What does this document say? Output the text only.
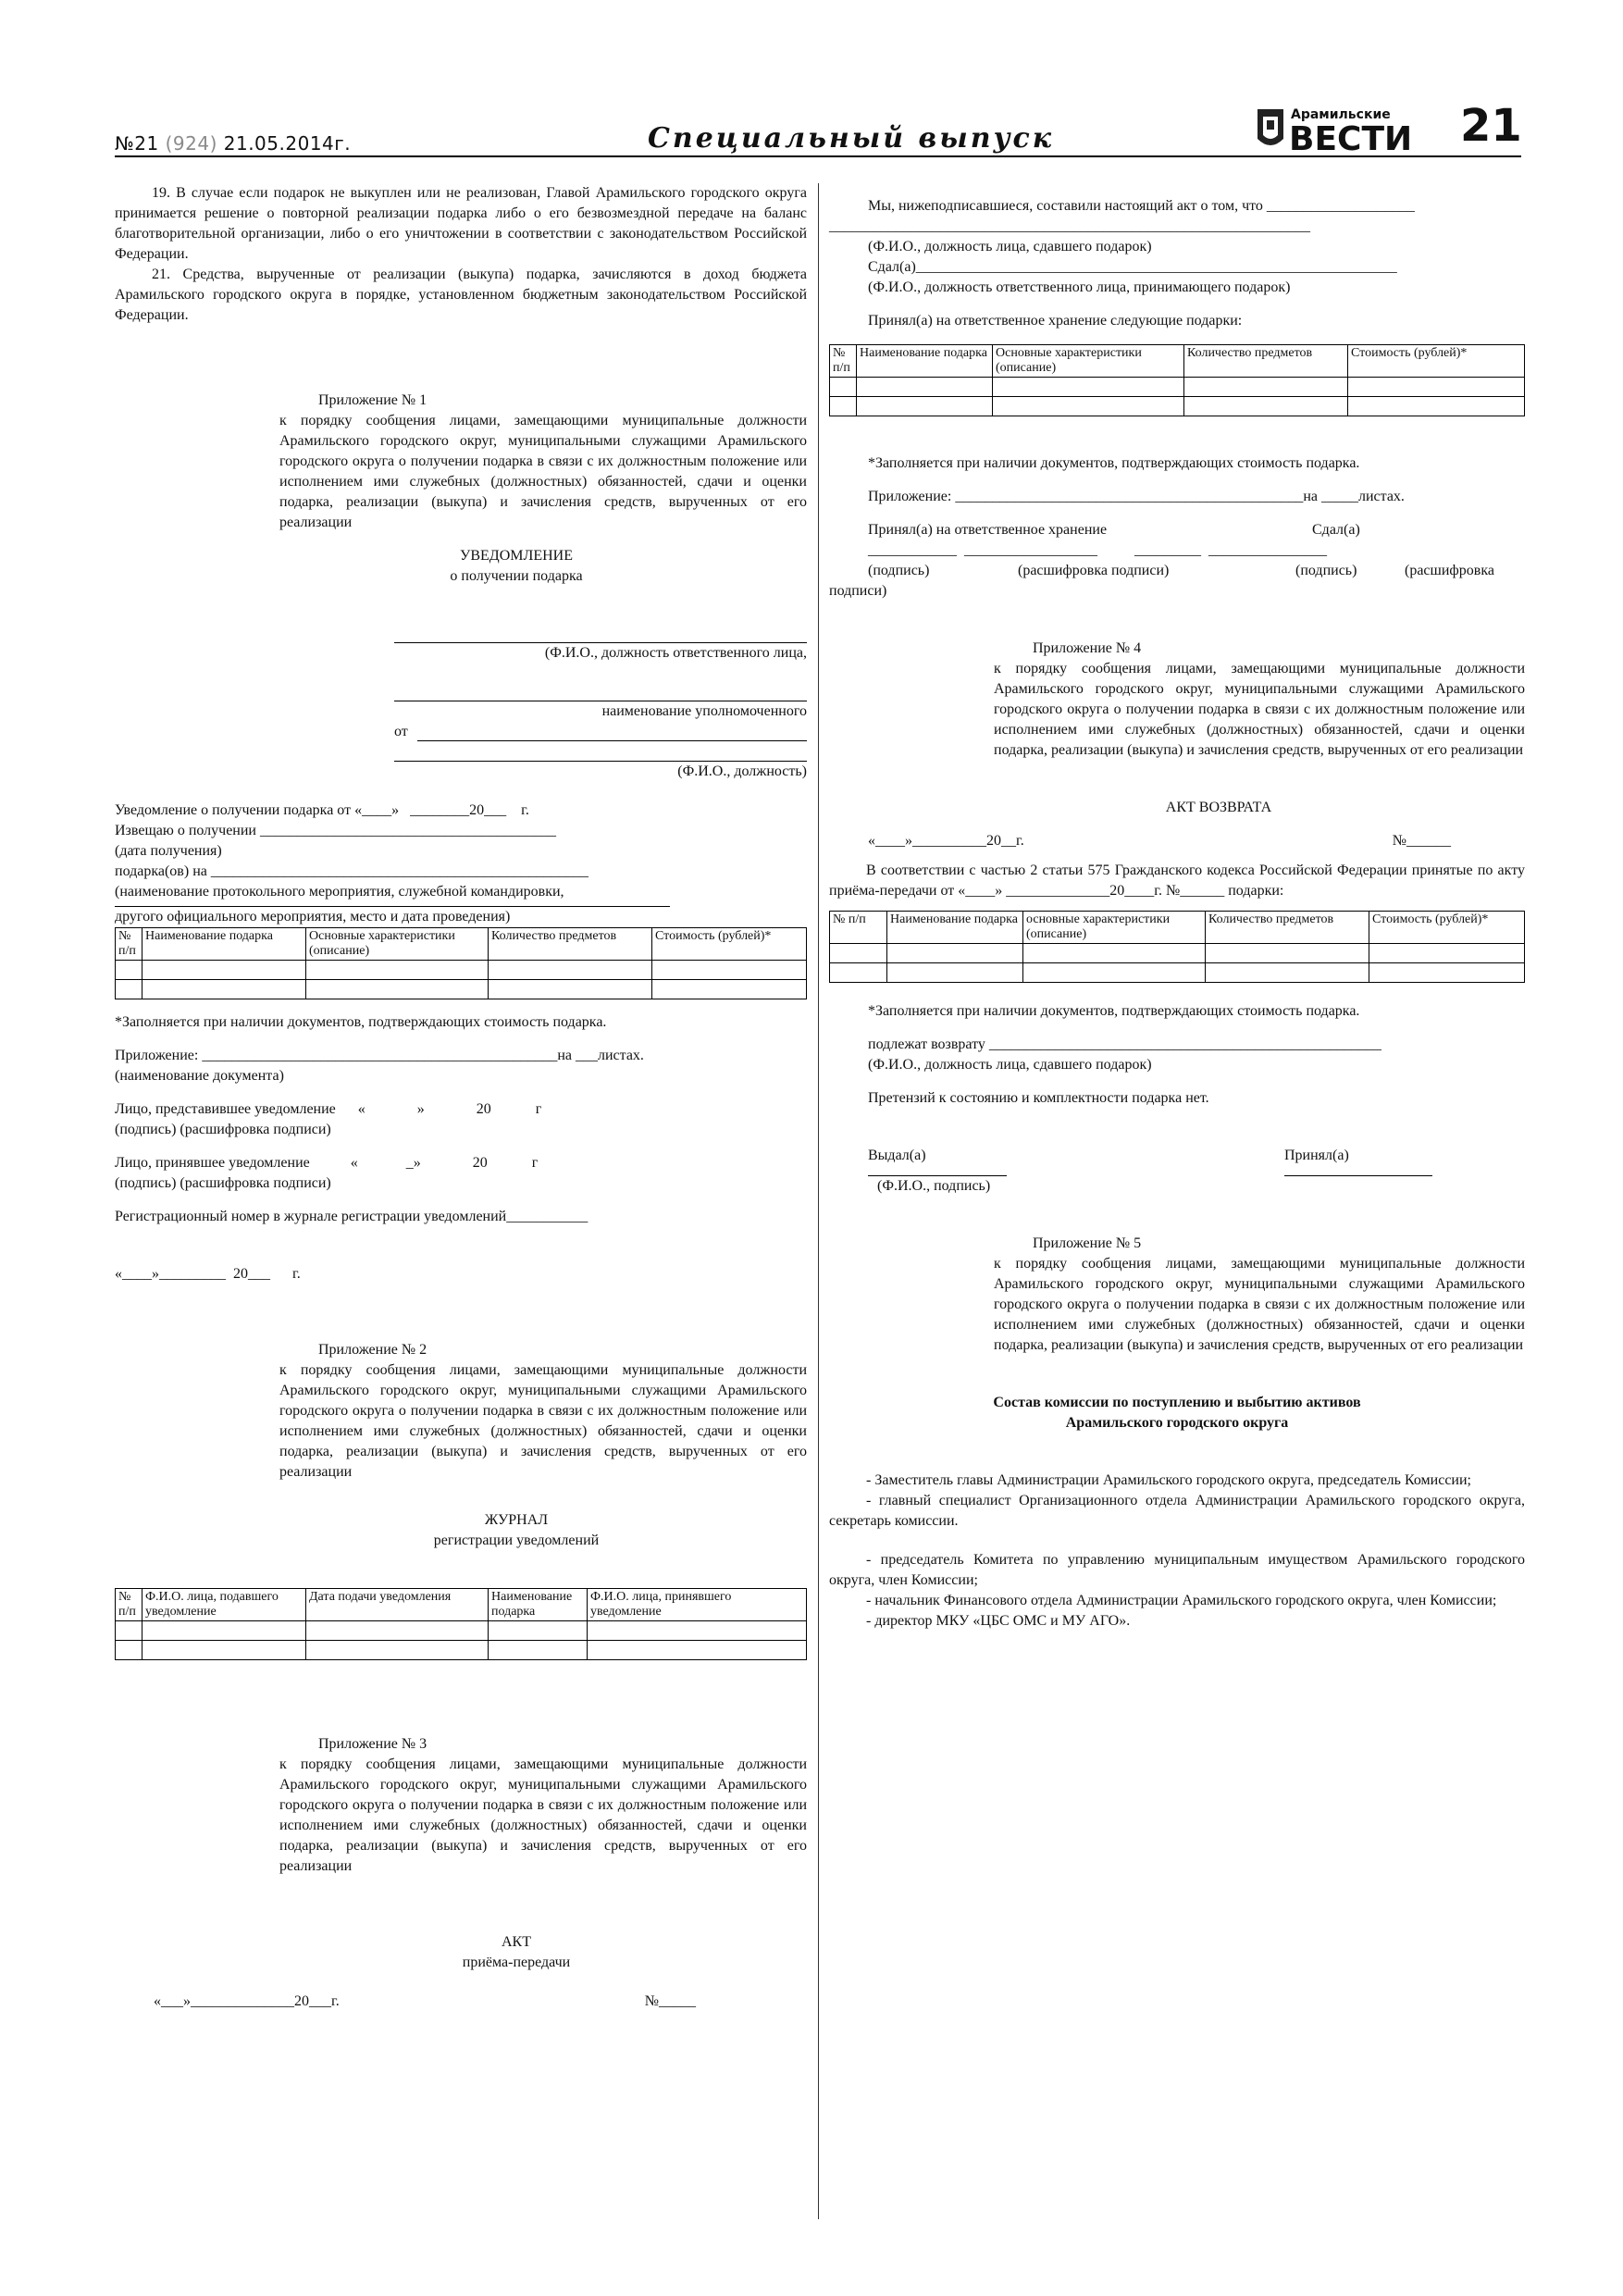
№21 (924) 21.05.2014г.	Специальный выпуск
Арамильские
ВЕСТИ 21

19. В случае если подарок не выкуплен или не реализован, Главой Арамильского городского округа принимается решение о повторной реализации подарка либо о его безвозмездной передаче на баланс благотворительной организации, либо о его уничтожении в соответствии с законодательством Российской Федерации.

21. Средства, вырученные от реализации (выкупа) подарка, зачисляются в доход бюджета Арамильского городского округа в порядке, установленном бюджетным законодательством Российской Федерации.

Приложение № 1

к порядку сообщения лицами, замещающими муниципальные должности Арамильского городского округ, муниципальными служащими Арамильского городского округа о получении подарка в связи с их должностным положение или исполнением ими служебных (должностных) обязанностей, сдачи и оценки подарка, реализации (выкупа) и зачисления средств, вырученных от его реализации

УВЕДОМЛЕНИЕ

о получении подарка

(Ф.И.О., должность ответственного лица,

наименование уполномоченного

от

(Ф.И.О., должность)

Уведомление о получении подарка от «____»   ________20___    г.

Извещаю о получении ________________________________________

(дата получения)

подарка(ов) на ___________________________________________________

(наименование протокольного мероприятия, служебной командировки,

другого официального мероприятия, место и дата проведения)

№ п/п	Наименование подарка	Основные характеристики (описание)	Количество предметов	Стоимость (рублей)*

*Заполняется при наличии документов, подтверждающих стоимость подарка.

Приложение: ________________________________________________на ___листах.

(наименование документа)

Лицо, представившее уведомление      «              »              20            г

(подпись) (расшифровка подписи)

Лицо, принявшее уведомление           «             _»              20            г

(подпись) (расшифровка подписи)

Регистрационный номер в журнале регистрации уведомлений___________

«____»_________  20___      г.

Приложение № 2

к порядку сообщения лицами, замещающими муниципальные должности Арамильского городского округ, муниципальными служащими Арамильского городского округа о получении подарка в связи с их должностным положение или исполнением ими служебных (должностных) обязанностей, сдачи и оценки подарка, реализации (выкупа) и зачисления средств, вырученных от его реализации

ЖУРНАЛ

регистрации уведомлений

№ п/п	Ф.И.О. лица, подавшего уведомление	Дата подачи уведомления	Наименование подарка	Ф.И.О. лица, принявшего уведомление

Приложение № 3

к порядку сообщения лицами, замещающими муниципальные должности Арамильского городского округ, муниципальными служащими Арамильского городского округа о получении подарка в связи с их должностным положение или исполнением ими служебных (должностных) обязанностей, сдачи и оценки подарка, реализации (выкупа) и зачисления средств, вырученных от его реализации

АКТ

приёма-передачи

«___»______________20___г.	№_____

Мы, нижеподписавшиеся, составили настоящий акт о том, что ____________________

_________________________________________________________________

(Ф.И.О., должность лица, сдавшего подарок)

Сдал(а)_________________________________________________________________

(Ф.И.О., должность ответственного лица, принимающего подарок)

Принял(а) на ответственное хранение следующие подарки:

№ п/п	Наименование подарка	Основные характеристики (описание)	Количество предметов	Стоимость (рублей)*

*Заполняется при наличии документов, подтверждающих стоимость подарка.

Приложение: _______________________________________________на _____листах.

Принял(а) на ответственное хранение	Сдал(а)

____________  __________________          _________  ________________

(подпись)	(расшифровка подписи)	(подпись)	(расшифровка

подписи)

Приложение № 4

к порядку сообщения лицами, замещающими муниципальные должности Арамильского городского округ, муниципальными служащими Арамильского городского округа о получении подарка в связи с их должностным положение или исполнением ими служебных (должностных) обязанностей, сдачи и оценки подарка, реализации (выкупа) и зачисления средств, вырученных от его реализации

АКТ ВОЗВРАТА

«____»__________20__г.	№______

В соответствии с частью 2 статьи 575 Гражданского кодекса Российской Федерации принятые по акту приёма-передачи от «____» ______________20____г. №______ подарки:

№ п/п	Наименование подарка	основные характеристики (описание)	Количество предметов	Стоимость (рублей)*

*Заполняется при наличии документов, подтверждающих стоимость подарка.

подлежат возврату _____________________________________________________

(Ф.И.О., должность лица, сдавшего подарок)

Претензий к состоянию и комплектности подарка нет.

Выдал(а)	Принял(а)

(Ф.И.О., подпись)

Приложение № 5

к порядку сообщения лицами, замещающими муниципальные должности Арамильского городского округ, муниципальными служащими Арамильского городского округа о получении подарка в связи с их должностным положение или исполнением ими служебных (должностных) обязанностей, сдачи и оценки подарка, реализации (выкупа) и зачисления средств, вырученных от его реализации

Состав комиссии по поступлению и выбытию активов

Арамильского городского округа

- Заместитель главы Администрации Арамильского городского округа, председатель Комиссии;

- главный специалист Организационного отдела Администрации Арамильского городского округа, секретарь комиссии.

- председатель Комитета по управлению муниципальным имуществом Арамильского городского округа, член Комиссии;

- начальник Финансового отдела Администрации Арамильского городского округа, член Комиссии;

- директор МКУ «ЦБС ОМС и МУ АГО».
